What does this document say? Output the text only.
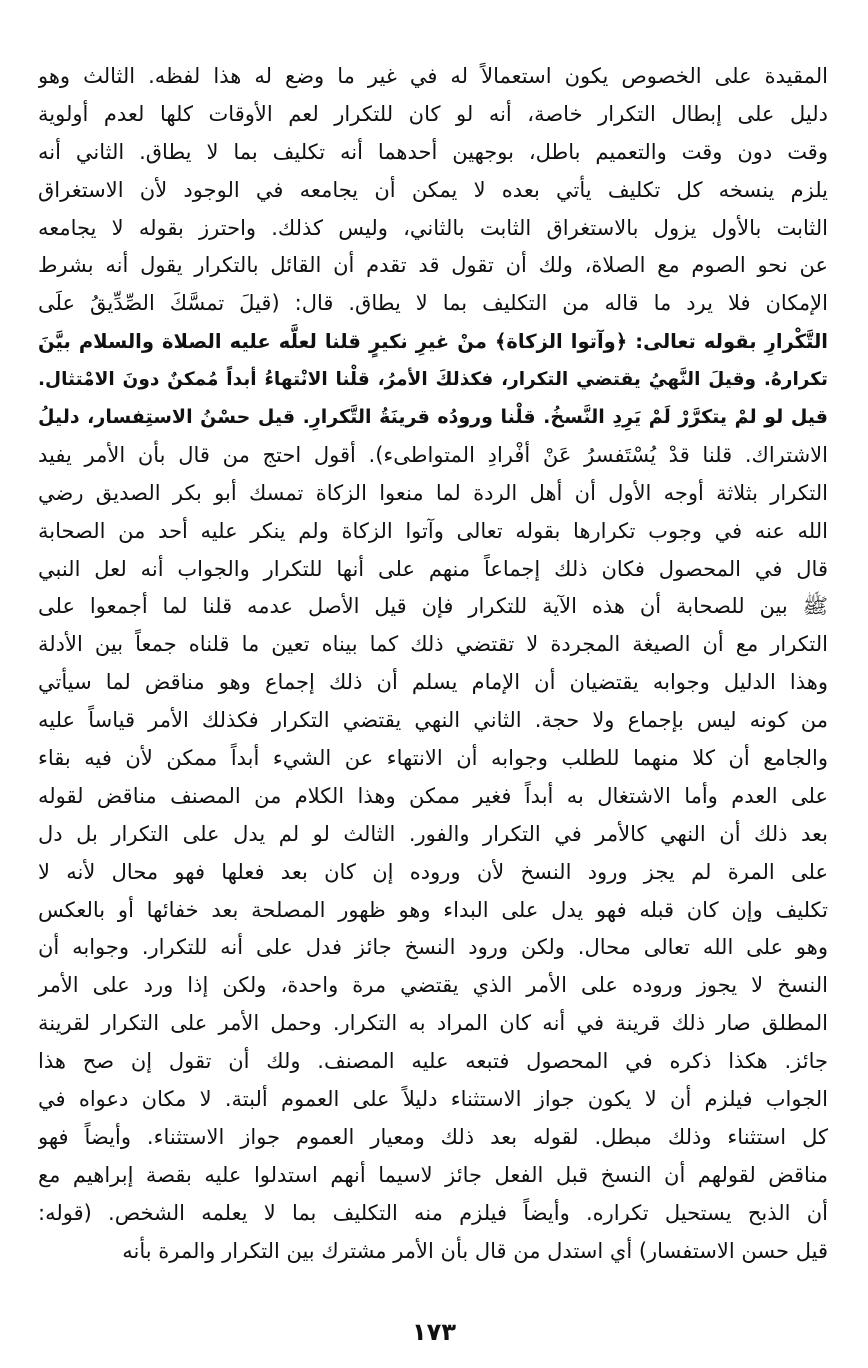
المقيدة على الخصوص يكون استعمالاً له في غير ما وضع له هذا لفظه. الثالث وهو
دليل على إبطال التكرار خاصة، أنه لو كان للتكرار لعم الأوقات كلها لعدم أولوية
وقت دون وقت والتعميم باطل، بوجهين أحدهما أنه تكليف بما لا يطاق. الثاني أنه
يلزم ينسخه كل تكليف يأتي بعده لا يمكن أن يجامعه في الوجود لأن الاستغراق
الثابت بالأول يزول بالاستغراق الثابت بالثاني، وليس كذلك. واحترز بقوله لا يجامعه
عن نحو الصوم مع الصلاة، ولك أن تقول قد تقدم أن القائل بالتكرار يقول أنه بشرط
الإمكان فلا يرد ما قاله من التكليف بما لا يطاق. قال: (قيلَ تمسَّكَ الصِّدِّيقُ علَى
التَّكْرارِ بقوله تعالى: ﴿وآتوا الزكاة﴾ منْ غيرِ نكيرٍ قلنا لعلَّه عليه الصلاة والسلام بيَّنَ
تكرارهُ. وقيلَ النَّهيُ يقتضي التكرار، فكذلكَ الأمرُ، قلْنا الانْتهاءُ أبداً مُمكنٌ دونَ الامْتثال.
قيل لو لمْ يتكرَّرْ لَمْ يَرِدِ النَّسخُ. قلْنا ورودُه قرينَةُ التَّكرارِ. قيل حسْنُ الاستِفسار، دليلُ
الاشتراك. قلنا قدْ يُسْتَفسرُ عَنْ أفْرادِ المتواطىء). أقول احتج من قال بأن الأمر يفيد
التكرار بثلاثة أوجه الأول أن أهل الردة لما منعوا الزكاة تمسك أبو بكر الصديق رضي
الله عنه في وجوب تكرارها بقوله تعالى وآتوا الزكاة ولم ينكر عليه أحد من الصحابة
قال في المحصول فكان ذلك إجماعاً منهم على أنها للتكرار والجواب أنه لعل النبي
ﷺ بين للصحابة أن هذه الآية للتكرار فإن قيل الأصل عدمه قلنا لما أجمعوا على
التكرار مع أن الصيغة المجردة لا تقتضي ذلك كما بيناه تعين ما قلناه جمعاً بين الأدلة
وهذا الدليل وجوابه يقتضيان أن الإمام يسلم أن ذلك إجماع وهو مناقض لما سيأتي
من كونه ليس بإجماع ولا حجة. الثاني النهي يقتضي التكرار فكذلك الأمر قياساً عليه
والجامع أن كلا منهما للطلب وجوابه أن الانتهاء عن الشيء أبداً ممكن لأن فيه بقاء
على العدم وأما الاشتغال به أبداً فغير ممكن وهذا الكلام من المصنف مناقض لقوله
بعد ذلك أن النهي كالأمر في التكرار والفور. الثالث لو لم يدل على التكرار بل دل
على المرة لم يجز ورود النسخ لأن وروده إن كان بعد فعلها فهو محال لأنه لا
تكليف وإن كان قبله فهو يدل على البداء وهو ظهور المصلحة بعد خفائها أو بالعكس
وهو على الله تعالى محال. ولكن ورود النسخ جائز فدل على أنه للتكرار. وجوابه أن
النسخ لا يجوز وروده على الأمر الذي يقتضي مرة واحدة، ولكن إذا ورد على الأمر
المطلق صار ذلك قرينة في أنه كان المراد به التكرار. وحمل الأمر على التكرار لقرينة
جائز. هكذا ذكره في المحصول فتبعه عليه المصنف. ولك أن تقول إن صح هذا
الجواب فيلزم أن لا يكون جواز الاستثناء دليلاً على العموم ألبتة. لا مكان دعواه في
كل استثناء وذلك مبطل. لقوله بعد ذلك ومعيار العموم جواز الاستثناء. وأيضاً فهو
مناقض لقولهم أن النسخ قبل الفعل جائز لاسيما أنهم استدلوا عليه بقصة إبراهيم مع
أن الذبح يستحيل تكراره. وأيضاً فيلزم منه التكليف بما لا يعلمه الشخص. (قوله:
قيل حسن الاستفسار) أي استدل من قال بأن الأمر مشترك بين التكرار والمرة بأنه
١٧٣
